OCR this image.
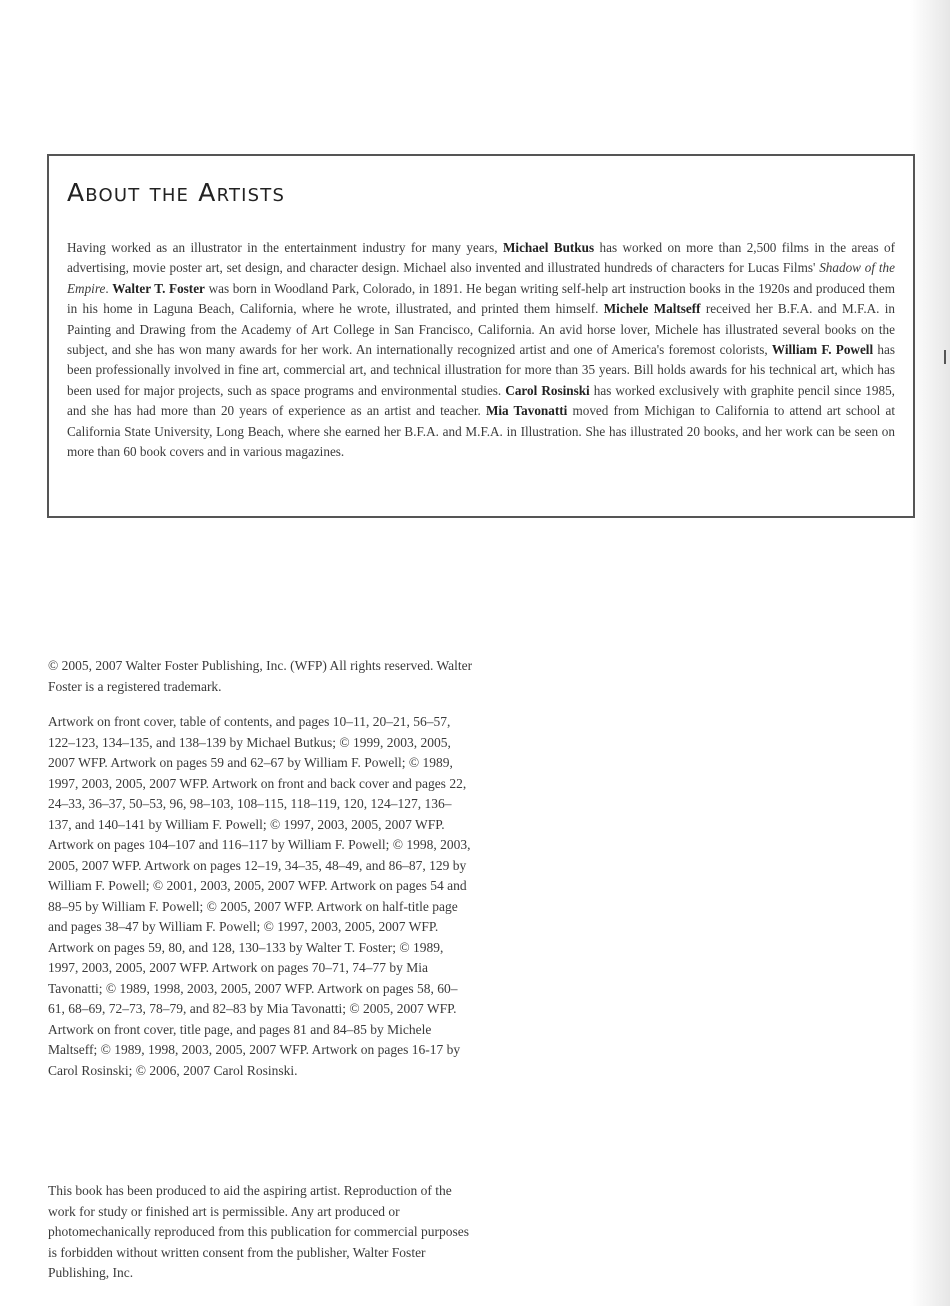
About the Artists

Having worked as an illustrator in the entertainment industry for many years, Michael Butkus has worked on more than 2,500 films in the areas of advertising, movie poster art, set design, and character design. Michael also invented and illustrated hundreds of characters for Lucas Films' Shadow of the Empire. Walter T. Foster was born in Woodland Park, Colorado, in 1891. He began writing self-help art instruction books in the 1920s and produced them in his home in Laguna Beach, California, where he wrote, illustrated, and printed them himself. Michele Maltseff received her B.F.A. and M.F.A. in Painting and Drawing from the Academy of Art College in San Francisco, California. An avid horse lover, Michele has illustrated several books on the subject, and she has won many awards for her work. An internationally recognized artist and one of America's foremost colorists, William F. Powell has been professionally involved in fine art, commercial art, and technical illustration for more than 35 years. Bill holds awards for his technical art, which has been used for major projects, such as space programs and environmental studies. Carol Rosinski has worked exclusively with graphite pencil since 1985, and she has had more than 20 years of experience as an artist and teacher. Mia Tavonatti moved from Michigan to California to attend art school at California State University, Long Beach, where she earned her B.F.A. and M.F.A. in Illustration. She has illustrated 20 books, and her work can be seen on more than 60 book covers and in various magazines.

© 2005, 2007 Walter Foster Publishing, Inc. (WFP) All rights reserved. Walter Foster is a registered trademark.

Artwork on front cover, table of contents, and pages 10–11, 20–21, 56–57, 122–123, 134–135, and 138–139 by Michael Butkus; © 1999, 2003, 2005, 2007 WFP. Artwork on pages 59 and 62–67 by William F. Powell; © 1989, 1997, 2003, 2005, 2007 WFP. Artwork on front and back cover and pages 22, 24–33, 36–37, 50–53, 96, 98–103, 108–115, 118–119, 120, 124–127, 136–137, and 140–141 by William F. Powell; © 1997, 2003, 2005, 2007 WFP. Artwork on pages 104–107 and 116–117 by William F. Powell; © 1998, 2003, 2005, 2007 WFP. Artwork on pages 12–19, 34–35, 48–49, and 86–87, 129 by William F. Powell; © 2001, 2003, 2005, 2007 WFP. Artwork on pages 54 and 88–95 by William F. Powell; © 2005, 2007 WFP. Artwork on half-title page and pages 38–47 by William F. Powell; © 1997, 2003, 2005, 2007 WFP. Artwork on pages 59, 80, and 128, 130–133 by Walter T. Foster; © 1989, 1997, 2003, 2005, 2007 WFP. Artwork on pages 70–71, 74–77 by Mia Tavonatti; © 1989, 1998, 2003, 2005, 2007 WFP. Artwork on pages 58, 60–61, 68–69, 72–73, 78–79, and 82–83 by Mia Tavonatti; © 2005, 2007 WFP. Artwork on front cover, title page, and pages 81 and 84–85 by Michele Maltseff; © 1989, 1998, 2003, 2005, 2007 WFP. Artwork on pages 16-17 by Carol Rosinski; © 2006, 2007 Carol Rosinski.

This book has been produced to aid the aspiring artist. Reproduction of the work for study or finished art is permissible. Any art produced or photomechanically reproduced from this publication for commercial purposes is forbidden without written consent from the publisher, Walter Foster Publishing, Inc.
